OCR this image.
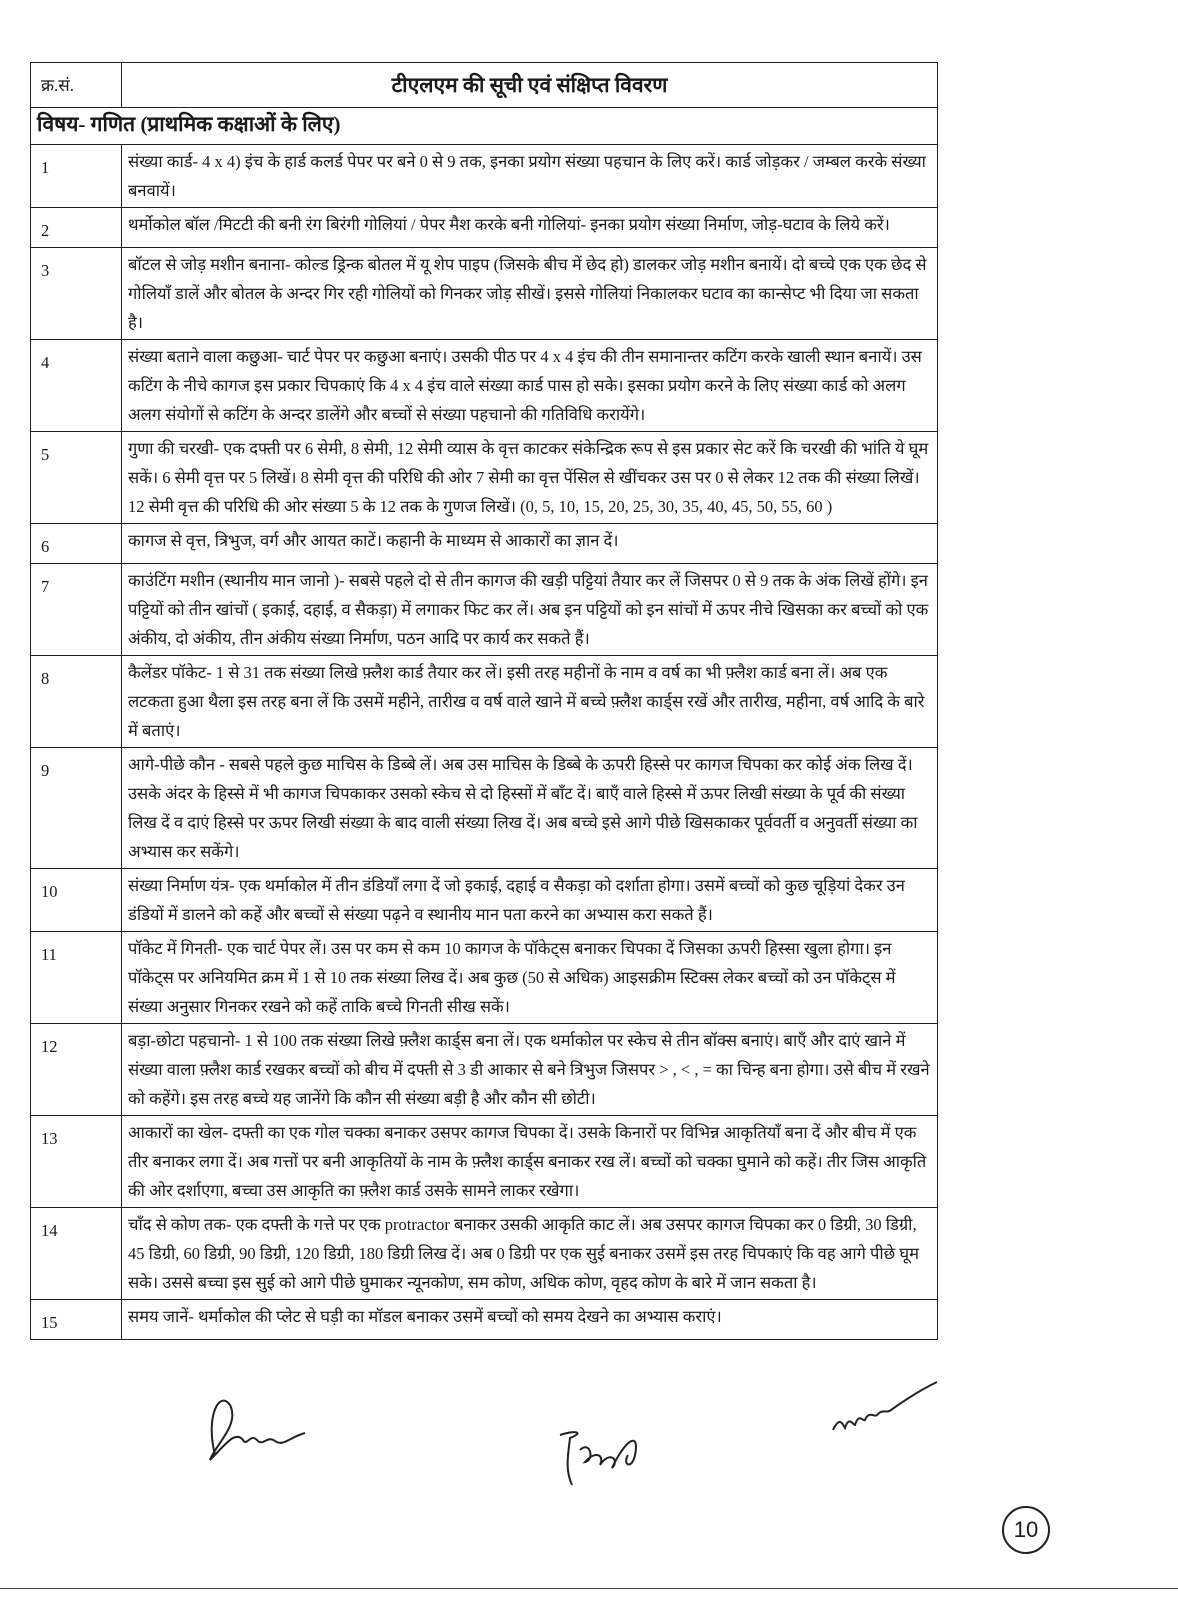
क्र.सं.	टीएलएम की सूची एवं संक्षिप्त विवरण
विषय- गणित (प्राथमिक कक्षाओं के लिए)	
1	संख्या कार्ड- 4 x 4) इंच के हार्ड कलर्ड पेपर पर बने 0 से 9 तक, इनका प्रयोग संख्या पहचान के लिए करें। कार्ड जोड़कर / जम्बल करके संख्या बनवायें।
2	थर्मोकोल बॉल /मिटटी की बनी रंग बिरंगी गोलियां / पेपर मैश करके बनी गोलियां- इनका प्रयोग संख्या निर्माण, जोड़-घटाव के लिये करें।
3	बॉटल से जोड़ मशीन बनाना- कोल्ड ड्रिन्क बोतल में यू शेप पाइप (जिसके बीच में छेद हो) डालकर जोड़ मशीन बनायें। दो बच्चे एक एक छेद से गोलियाँ डालें और बोतल के अन्दर गिर रही गोलियों को गिनकर जोड़ सीखें। इससे गोलियां निकालकर घटाव का कान्सेप्ट भी दिया जा सकता है।
4	संख्या बताने वाला कछुआ- चार्ट पेपर पर कछुआ बनाएं। उसकी पीठ पर 4 x 4 इंच की तीन समानान्तर कटिंग करके खाली स्थान बनायें। उस कटिंग के नीचे कागज इस प्रकार चिपकाएं कि 4 x 4 इंच वाले संख्या कार्ड पास हो सके। इसका प्रयोग करने के लिए संख्या कार्ड को अलग अलग संयोगों से कटिंग के अन्दर डालेंगे और बच्चों से संख्या पहचानो की गतिविधि करायेंगे।
5	गुणा की चरखी- एक दफ्ती पर 6 सेमी, 8 सेमी, 12 सेमी व्यास के वृत्त काटकर संकेन्द्रिक रूप से इस प्रकार सेट करें कि चरखी की भांति ये घूम सकें। 6 सेमी वृत्त पर 5 लिखें। 8 सेमी वृत्त की परिधि की ओर 7 सेमी का वृत्त पेंसिल से खींचकर उस पर 0 से लेकर 12 तक की संख्या लिखें। 12 सेमी वृत्त की परिधि की ओर संख्या 5 के 12 तक के गुणज लिखें। (0, 5, 10, 15, 20, 25, 30, 35, 40, 45, 50, 55, 60 )
6	कागज से वृत्त, त्रिभुज, वर्ग और आयत काटें। कहानी के माध्यम से आकारों का ज्ञान दें।
7	काउंटिंग मशीन (स्थानीय मान जानो )- सबसे पहले दो से तीन कागज की खड़ी पट्टियां तैयार कर लें जिसपर 0 से 9 तक के अंक लिखें होंगे। इन पट्टियों को तीन खांचों ( इकाई, दहाई, व सैकड़ा) में लगाकर फिट कर लें। अब इन पट्टियों को इन सांचों में ऊपर नीचे खिसका कर बच्चों को एक अंकीय, दो अंकीय, तीन अंकीय संख्या निर्माण, पठन आदि पर कार्य कर सकते हैं।
8	कैलेंडर पॉकेट- 1 से 31 तक संख्या लिखे फ़्लैश कार्ड तैयार कर लें। इसी तरह महीनों के नाम व वर्ष का भी फ़्लैश कार्ड बना लें। अब एक लटकता हुआ थैला इस तरह बना लें कि उसमें महीने, तारीख व वर्ष वाले खाने में बच्चे फ़्लैश कार्ड्स रखें और तारीख, महीना, वर्ष आदि के बारे में बताएं।
9	आगे-पीछे कौन - सबसे पहले कुछ माचिस के डिब्बे लें। अब उस माचिस के डिब्बे के ऊपरी हिस्से पर कागज चिपका कर कोई अंक लिख दें। उसके अंदर के हिस्से में भी कागज चिपकाकर उसको स्केच से दो हिस्सों में बाँट दें। बाएँ वाले हिस्से में ऊपर लिखी संख्या के पूर्व की संख्या लिख दें व दाएं हिस्से पर ऊपर लिखी संख्या के बाद वाली संख्या लिख दें। अब बच्चे इसे आगे पीछे खिसकाकर पूर्ववर्ती व अनुवर्ती संख्या का अभ्यास कर सकेंगे।
10	संख्या निर्माण यंत्र- एक थर्माकोल में तीन डंडियाँ लगा दें जो इकाई, दहाई व सैकड़ा को दर्शाता होगा। उसमें बच्चों को कुछ चूड़ियां देकर उन डंडियों में डालने को कहें और बच्चों से संख्या पढ़ने व स्थानीय मान पता करने का अभ्यास करा सकते हैं।
11	पॉकेट में गिनती- एक चार्ट पेपर लें। उस पर कम से कम 10 कागज के पॉकेट्स बनाकर चिपका दें जिसका ऊपरी हिस्सा खुला होगा। इन पॉकेट्स पर अनियमित क्रम में 1 से 10 तक संख्या लिख दें। अब कुछ (50 से अधिक) आइसक्रीम स्टिक्स लेकर बच्चों को उन पॉकेट्स में संख्या अनुसार गिनकर रखने को कहें ताकि बच्चे गिनती सीख सकें।
12	बड़ा-छोटा पहचानो- 1 से 100 तक संख्या लिखे फ़्लैश कार्ड्स बना लें। एक थर्माकोल पर स्केच से तीन बॉक्स बनाएं। बाएँ और दाएं खाने में संख्या वाला फ़्लैश कार्ड रखकर बच्चों को बीच में दफ्ती से 3 डी आकार से बने त्रिभुज जिसपर > , < , = का चिन्ह बना होगा। उसे बीच में रखने को कहेंगे। इस तरह बच्चे यह जानेंगे कि कौन सी संख्या बड़ी है और कौन सी छोटी।
13	आकारों का खेल- दफ्ती का एक गोल चक्का बनाकर उसपर कागज चिपका दें। उसके किनारों पर विभिन्न आकृतियाँ बना दें और बीच में एक तीर बनाकर लगा दें। अब गत्तों पर बनी आकृतियों के नाम के फ़्लैश कार्ड्स बनाकर रख लें। बच्चों को चक्का घुमाने को कहें। तीर जिस आकृति की ओर दर्शाएगा, बच्चा उस आकृति का फ़्लैश कार्ड उसके सामने लाकर रखेगा।
14	चाँद से कोण तक- एक दफ्ती के गत्ते पर एक protractor बनाकर उसकी आकृति काट लें। अब उसपर कागज चिपका कर 0 डिग्री, 30 डिग्री, 45 डिग्री, 60 डिग्री, 90 डिग्री, 120 डिग्री, 180 डिग्री लिख दें। अब 0 डिग्री पर एक सुई बनाकर उसमें इस तरह चिपकाएं कि वह आगे पीछे घूम सके। उससे बच्चा इस सुई को आगे पीछे घुमाकर न्यूनकोण, सम कोण, अधिक कोण, वृहद कोण के बारे में जान सकता है।
15	समय जानें- थर्माकोल की प्लेट से घड़ी का मॉडल बनाकर उसमें बच्चों को समय देखने का अभ्यास कराएं।
10
